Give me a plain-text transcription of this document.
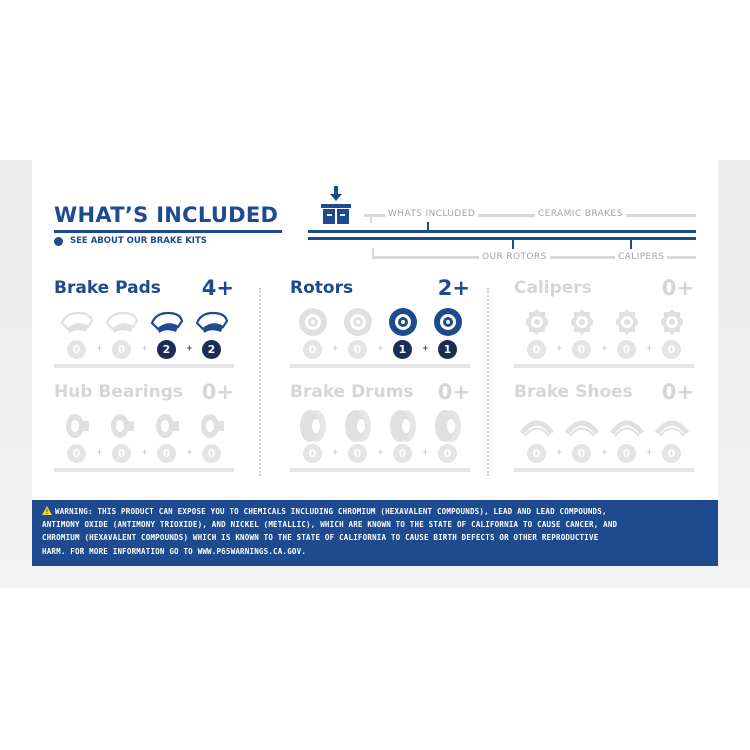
WHAT’S INCLUDED
SEE ABOUT OUR BRAKE KITS
WHATS INCLUDED	CERAMIC BRAKES
OUR ROTORS	CALIPERS
Brake Pads 4+
0	+	0	+	2	+	2
Rotors	2+
0	+	0	+	1	+	1
Calipers	0+
0	+	0	+	0	+	0
Hub Bearings 0+
0	+	0	+	0	+	0
Brake Drums 0+
0	+	0	+	0	+	0
Brake Shoes 0+
0	+	0	+	0	+	0
WARNING: THIS PRODUCT CAN EXPOSE YOU TO CHEMICALS INCLUDING CHROMIUM (HEXAVALENT COMPOUNDS), LEAD AND LEAD COMPOUNDS,
ANTIMONY OXIDE (ANTIMONY TRIOXIDE), AND NICKEL (METALLIC), WHICH ARE KNOWN TO THE STATE OF CALIFORNIA TO CAUSE CANCER, AND
CHROMIUM (HEXAVALENT COMPOUNDS) WHICH IS KNOWN TO THE STATE OF CALIFORNIA TO CAUSE BIRTH DEFECTS OR OTHER REPRODUCTIVE
HARM. FOR MORE INFORMATION GO TO WWW.P65WARNINGS.CA.GOV.
